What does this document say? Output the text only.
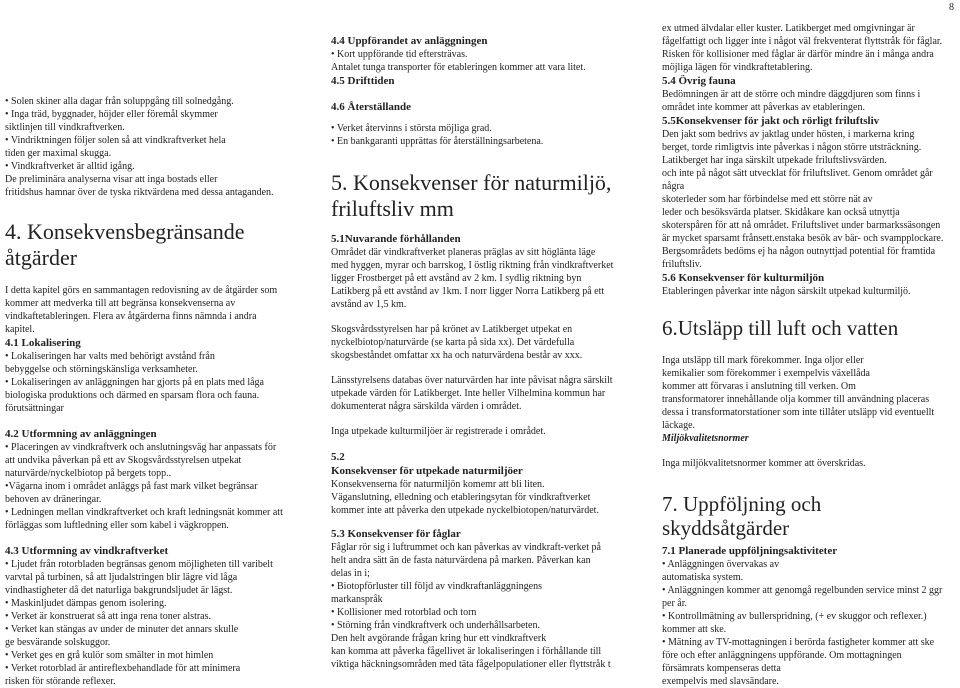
8
• Solen skiner alla dagar från soluppgång till solnedgång.
• Inga träd, byggnader, höjder eller föremål skymmer
siktlinjen till vindkraftverken.
• Vindriktningen följer solen så att vindkraftverket hela
tiden ger maximal skugga.
• Vindkraftverket är alltid igång.
De preliminära analyserna visar att inga bostads eller
fritidshus hamnar över de tyska riktvärdena med dessa antaganden.
4. Konsekvensbegränsande
åtgärder
I detta kapitel görs en sammantagen redovisning av de åtgärder som
kommer att medverka till att begränsa konsekvenserna av
vindkaftetableringen. Flera av åtgärderna finns nämnda i andra
kapitel.
4.1 Lokalisering
• Lokaliseringen har valts med behörigt avstånd från
bebyggelse och störningskänsliga verksamheter.
• Lokaliseringen av anläggningen har gjorts på en plats med låga
biologiska produktions och därmed en sparsam flora och fauna.
förutsättningar
4.2 Utformning av anläggningen
• Placeringen av vindkraftverk och anslutningsväg har anpassats för
att undvika påverkan på ett av Skogsvårdsstyrelsen utpekat
naturvärde/nyckelbiotop på bergets topp..
•Vägarna inom i området anläggs på fast mark vilket begränsar
behoven av dräneringar.
• Ledningen mellan vindkraftverket och kraft ledningsnät kommer att
förläggas som luftledning eller som kabel i vägkroppen.
4.3 Utformning av vindkraftverket
• Ljudet från rotorbladen begränsas genom möjligheten till varibelt
varvtal på turbinen, så att ljudalstringen blir lägre vid låga
vindhastigheter då det naturliga bakgrundsljudet är lägst.
• Maskinljudet dämpas genom isolering.
• Verket är konstruerat så att inga rena toner alstras.
• Verket kan stängas av under de minuter det annars skulle
ge besvärande solskuggor.
• Verket ges en grå kulör som smälter in mot himlen
• Verket rotorblad är antireflexbehandlade för att minimera
risken för störande reflexer.
4.4 Uppförandet av anläggningen
• Kort uppförande tid eftersträvas.
Antalet tunga transporter för etableringen kommer att vara litet.
4.5 Drifttiden
4.6 Återställande
• Verket återvinns i största möjliga grad.
• En bankgaranti upprättas för återställningsarbetena.
5. Konsekvenser för naturmiljö,
friluftsliv mm
5.1Nuvarande förhållanden
Området där vindkraftverket planeras präglas av sitt höglänta läge
med hyggen, myrar och barrskog, I östlig riktning från vindkraftverket
ligger Frostberget på ett avstånd av 2 km. I sydlig riktning byn
Latikberg på ett avstånd av 1km. I norr ligger Norra Latikberg på ett
avstånd av 1,5 km.
Skogsvårdsstyrelsen har på krönet av Latikberget utpekat en
nyckelbiotop/naturvärde (se karta på sida xx). Det värdefulla
skogsbeståndet omfattar xx ha och naturvärdena består av xxx.
Länsstyrelsens databas över naturvärden har inte påvisat några särskilt
utpekade värden för Latikberget. Inte heller Vilhelmina kommun har
dokumenterat några särskilda värden i området.
Inga utpekade kulturmiljöer är registrerade i området.
5.2
Konsekvenser för utpekade naturmiljöer
Konsekvenserna för naturmiljön komemr att bli liten.
Väganslutning, elledning och etableringsytan för vindkraftverket
kommer inte att påverka den utpekade nyckelbiotopen/naturvärdet.
5.3 Konsekvenser för fåglar
Fåglar rör sig i luftrummet och kan påverkas av vindkraft-verket på
helt andra sätt än de fasta naturvärdena på marken. Påverkan kan
delas in i;
• Biotopförluster till följd av vindkraftanläggningens
markanspråk
• Kollisioner med rotorblad och torn
• Störning från vindkraftverk och underhållsarbeten.
Den helt avgörande frågan kring hur ett vindkraftverk
kan komma att påverka fågellivet är lokaliseringen i förhållande till
viktiga häckningsområden med täta fågelpopulationer eller flyttstråk t
ex utmed älvdalar eller kuster. Latikberget med omgivningar är
fågelfattigt och ligger inte i något väl frekventerat flyttstråk för fåglar.
Risken för kollisioner med fåglar är därför mindre än i många andra
möjliga lägen för vindkraftetablering.
5.4 Övrig fauna
Bedömningen är att de större och mindre däggdjuren som finns i
området inte kommer att påverkas av etableringen.
5.5Konsekvenser för jakt och rörligt friluftsliv
Den jakt som bedrivs av jaktlag under hösten, i markerna kring
berget, torde rimligtvis inte påverkas i någon större utsträckning.
Latikberget har inga särskilt utpekade friluftslivsvärden.
och inte på något sätt utvecklat för friluftslivet. Genom området går
några
skoterleder som har förbindelse med ett större nät av
leder och besöksvärda platser. Skidåkare kan också utnyttja
skoterspåren för att nå området. Friluftslivet under barmarkssäsongen
är mycket sparsamt frånsett.enstaka besök av bär- och svampplockare.
Bergsområdets bedöms ej ha någon outnyttjad potential för framtida
friluftsliv.
5.6 Konsekvenser för kulturmiljön
Etableringen påverkar inte någon särskilt utpekad kulturmiljö.
6.Utsläpp till luft och vatten
Inga utsläpp till mark förekommer. Inga oljor eller
kemikalier som förekommer i exempelvis växellåda
kommer att förvaras i anslutning till verken. Om
transformatorer innehållande olja kommer till användning placeras
dessa i transformatorstationer som inte tillåter utsläpp vid eventuellt
läckage.
Miljökvalitetsnormer
Inga miljökvalitetsnormer kommer att överskridas.
7. Uppföljning och
skyddsåtgärder
7.1 Planerade uppföljningsaktiviteter
• Anläggningen övervakas av
automatiska system.
• Anläggningen kommer att genomgå regelbunden service minst 2 ggr
per år.
• Kontrollmätning av bullerspridning, (+ ev skuggor och reflexer.)
kommer att ske.
• Mätning av TV-mottagningen i berörda fastigheter kommer att ske
före och efter anläggningens uppförande. Om mottagningen
försämrats kompenseras detta
exempelvis med slavsändare.
